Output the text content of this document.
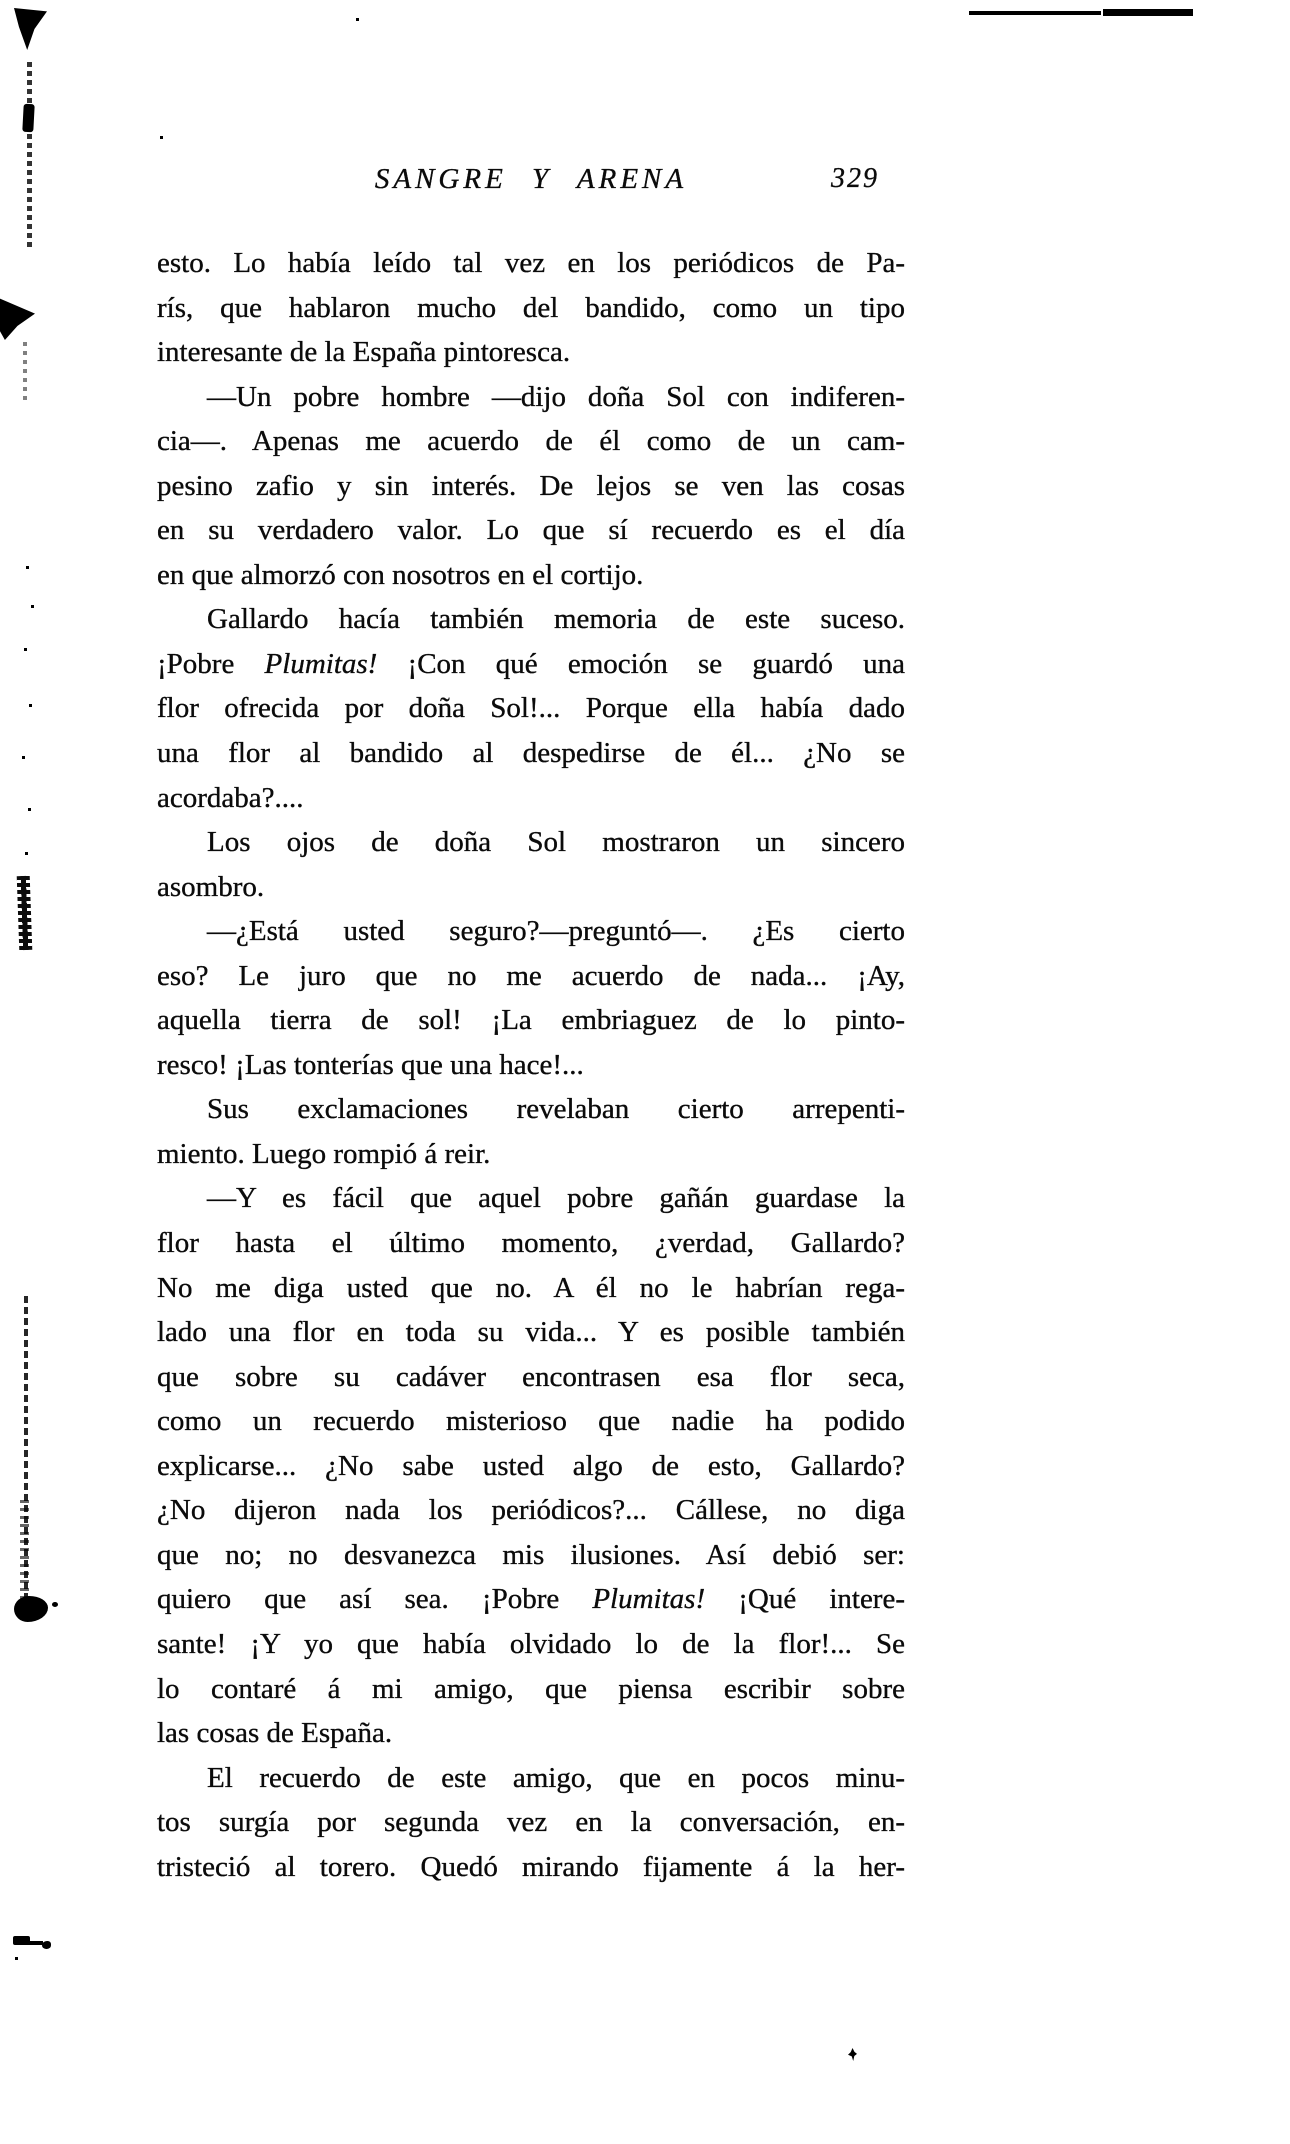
SANGRE Y ARENA	329
esto. Lo había leído tal vez en los periódicos de Pa-
rís, que hablaron mucho del bandido, como un tipo
interesante de la España pintoresca.
—Un pobre hombre —dijo doña Sol con indiferen-
cia—. Apenas me acuerdo de él como de un cam-
pesino zafio y sin interés. De lejos se ven las cosas
en su verdadero valor. Lo que sí recuerdo es el día
en que almorzó con nosotros en el cortijo.
Gallardo hacía también memoria de este suceso.
¡Pobre Plumitas! ¡Con qué emoción se guardó una
flor ofrecida por doña Sol!... Porque ella había dado
una flor al bandido al despedirse de él... ¿No se
acordaba?....
Los ojos de doña Sol mostraron un sincero
asombro.
—¿Está usted seguro?—preguntó—. ¿Es cierto
eso? Le juro que no me acuerdo de nada... ¡Ay,
aquella tierra de sol! ¡La embriaguez de lo pinto-
resco! ¡Las tonterías que una hace!...
Sus exclamaciones revelaban cierto arrepenti-
miento. Luego rompió á reir.
—Y es fácil que aquel pobre gañán guardase la
flor hasta el último momento, ¿verdad, Gallardo?
No me diga usted que no. A él no le habrían rega-
lado una flor en toda su vida... Y es posible también
que sobre su cadáver encontrasen esa flor seca,
como un recuerdo misterioso que nadie ha podido
explicarse... ¿No sabe usted algo de esto, Gallardo?
¿No dijeron nada los periódicos?... Cállese, no diga
que no; no desvanezca mis ilusiones. Así debió ser:
quiero que así sea. ¡Pobre Plumitas! ¡Qué intere-
sante! ¡Y yo que había olvidado lo de la flor!... Se
lo contaré á mi amigo, que piensa escribir sobre
las cosas de España.
El recuerdo de este amigo, que en pocos minu-
tos surgía por segunda vez en la conversación, en-
tristeció al torero. Quedó mirando fijamente á la her-
